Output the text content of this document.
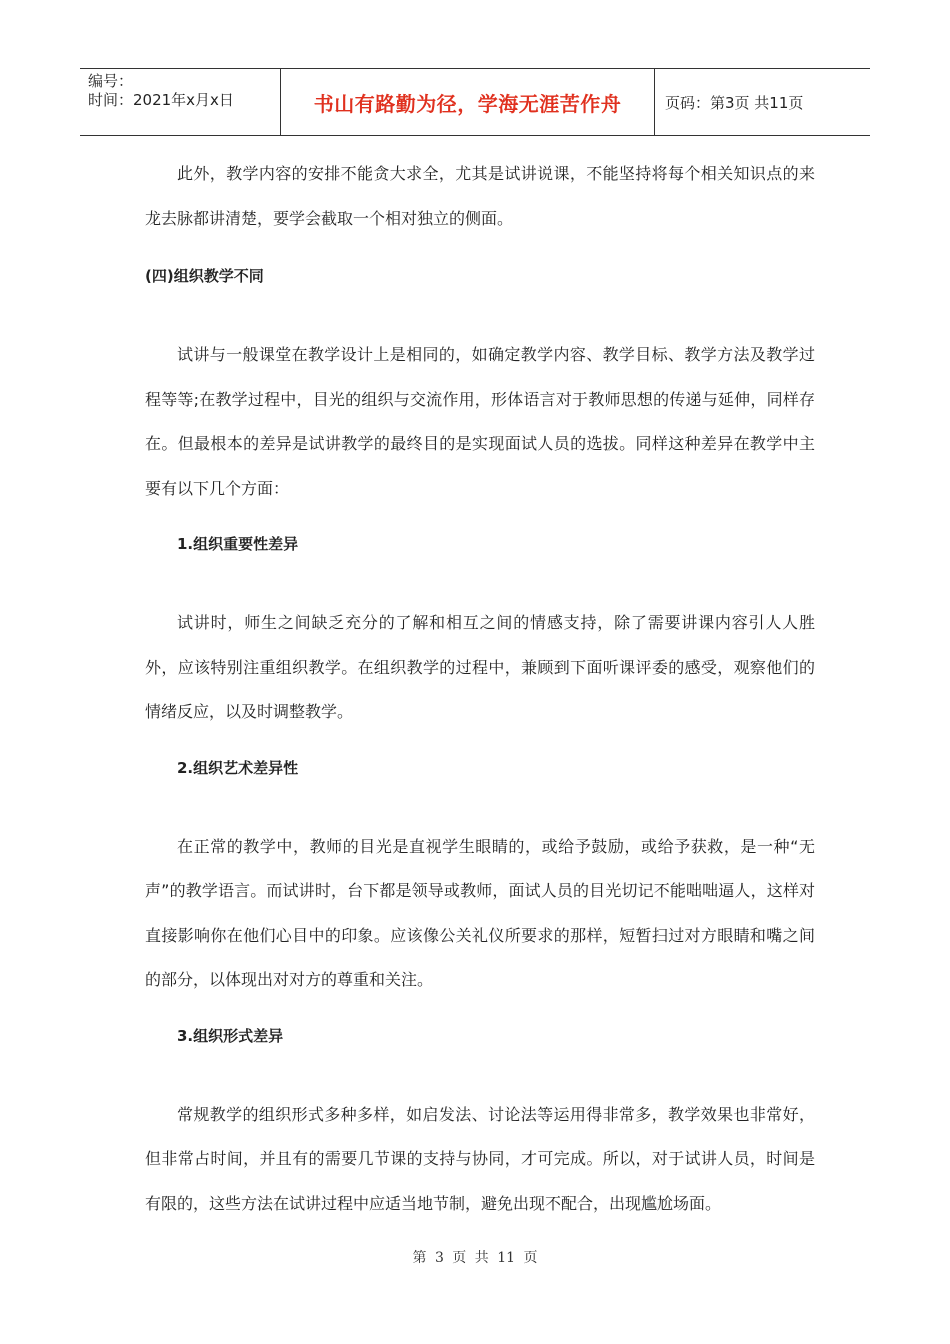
编号：
时间：2021年x月x日	书山有路勤为径，学海无涯苦作舟	页码：第3页 共11页

此外，教学内容的安排不能贪大求全，尤其是试讲说课，不能坚持将每个相关知识点的来龙去脉都讲清楚，要学会截取一个相对独立的侧面。

(四)组织教学不同

试讲与一般课堂在教学设计上是相同的，如确定教学内容、教学目标、教学方法及教学过程等等;在教学过程中，目光的组织与交流作用，形体语言对于教师思想的传递与延伸，同样存在。但最根本的差异是试讲教学的最终目的是实现面试人员的选拔。同样这种差异在教学中主要有以下几个方面：

1.组织重要性差异

试讲时，师生之间缺乏充分的了解和相互之间的情感支持，除了需要讲课内容引人人胜外，应该特别注重组织教学。在组织教学的过程中，兼顾到下面听课评委的感受，观察他们的情绪反应，以及时调整教学。

2.组织艺术差异性

在正常的教学中，教师的目光是直视学生眼睛的，或给予鼓励，或给予获救，是一种“无声”的教学语言。而试讲时，台下都是领导或教师，面试人员的目光切记不能咄咄逼人，这样对直接影响你在他们心目中的印象。应该像公关礼仪所要求的那样，短暂扫过对方眼睛和嘴之间的部分，以体现出对对方的尊重和关注。

3.组织形式差异

常规教学的组织形式多种多样，如启发法、讨论法等运用得非常多，教学效果也非常好，但非常占时间，并且有的需要几节课的支持与协同，才可完成。所以，对于试讲人员，时间是有限的，这些方法在试讲过程中应适当地节制，避免出现不配合，出现尴尬场面。

第 3 页 共 11 页
